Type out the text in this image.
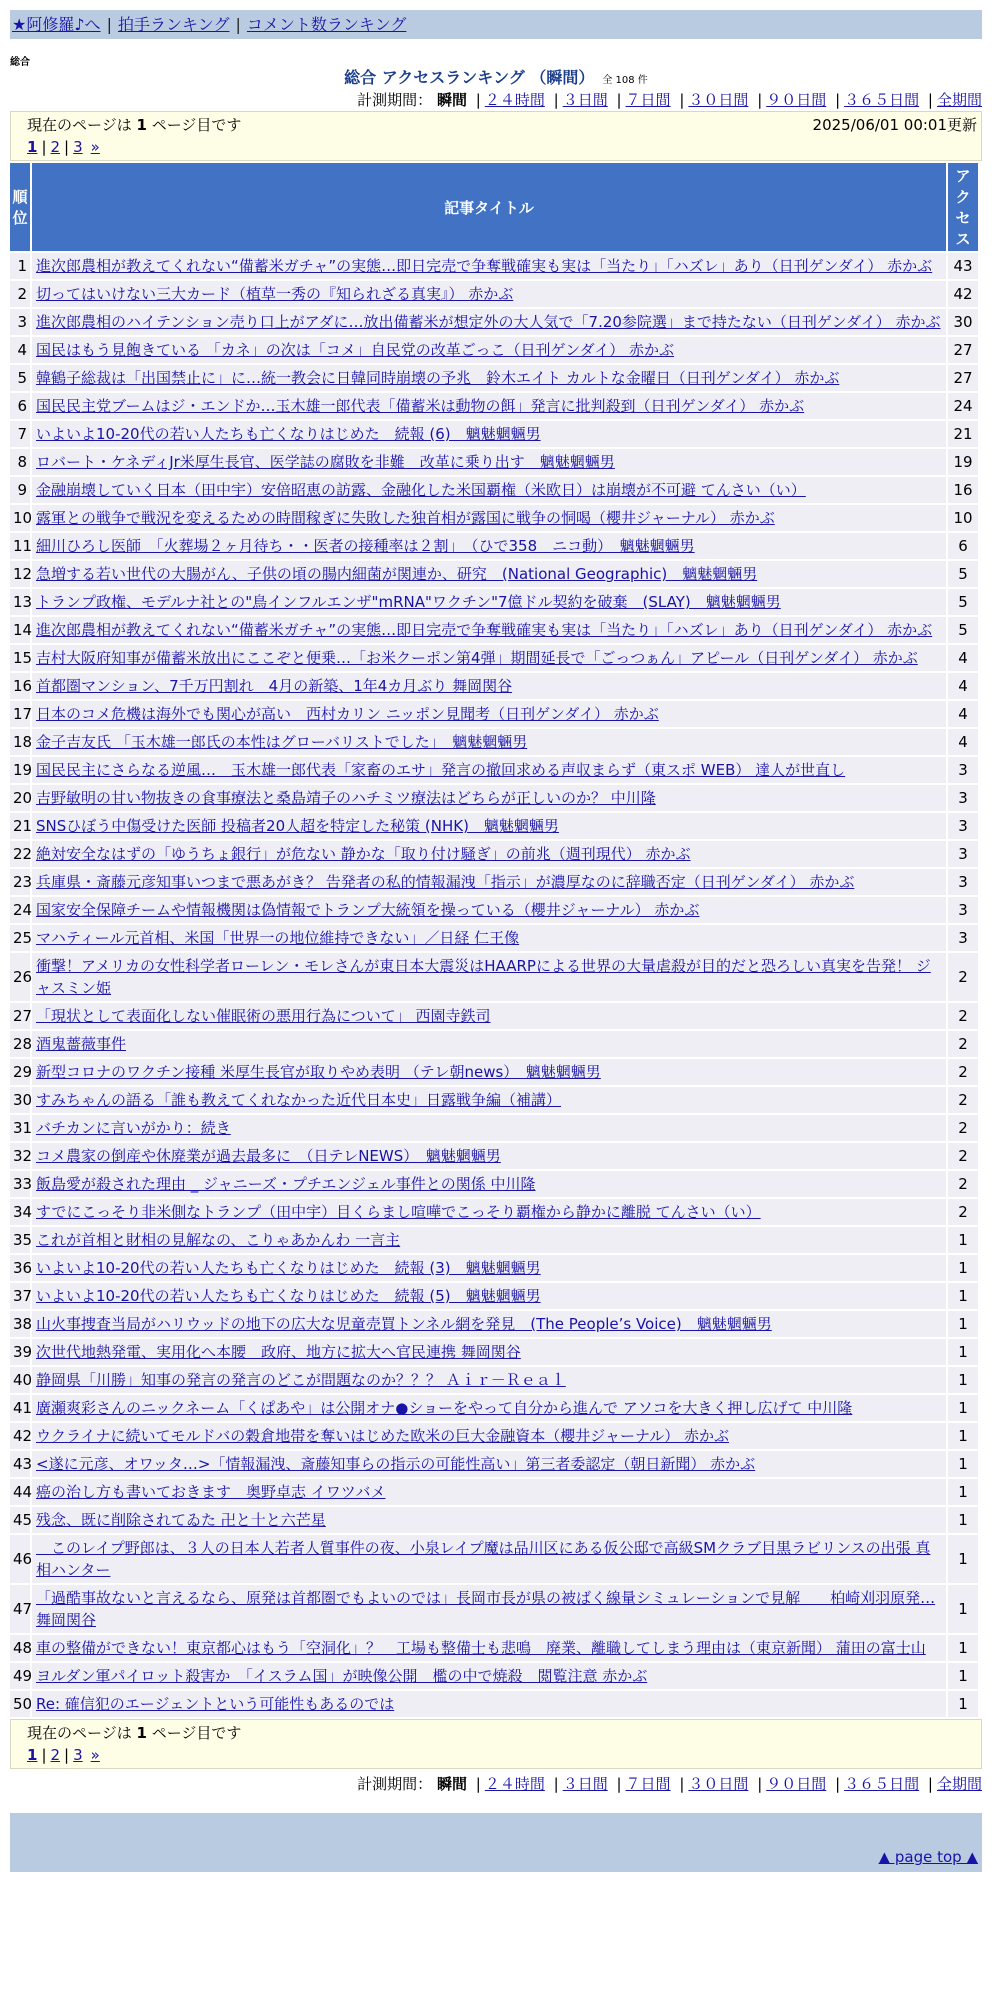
★阿修羅♪へ | 拍手ランキング | コメント数ランキング
総合
総合 アクセスランキング （瞬間） 全 108 件
計測期間： 瞬間 | ２４時間 | ３日間 | ７日間 | ３０日間 | ９０日間 | ３６５日間 | 全期間
現在のページは 1 ページ目です	2025/06/01 00:01更新
1 | 2 | 3 »
順位	記事タイトル	アクセス
1	進次郎農相が教えてくれない“備蓄米ガチャ”の実態…即日完売で争奪戦確実も実は「当たり」「ハズレ」あり（日刊ゲンダイ） 赤かぶ	43
2	切ってはいけない三大カード（植草一秀の『知られざる真実』） 赤かぶ	42
3	進次郎農相のハイテンション売り口上がアダに…放出備蓄米が想定外の大人気で「7.20参院選」まで持たない（日刊ゲンダイ） 赤かぶ	30
4	国民はもう見飽きている 「カネ」の次は「コメ」自民党の改革ごっこ（日刊ゲンダイ） 赤かぶ	27
5	韓鶴子総裁は「出国禁止に」に…統一教会に日韓同時崩壊の予兆　鈴木エイト カルトな金曜日（日刊ゲンダイ） 赤かぶ	27
6	国民民主党ブームはジ・エンドか…玉木雄一郎代表「備蓄米は動物の餌」発言に批判殺到（日刊ゲンダイ） 赤かぶ	24
7	いよいよ10-20代の若い人たちも亡くなりはじめた　続報 (6)　魑魅魍魎男	21
8	ロバート・ケネディJr米厚生長官、医学誌の腐敗を非難　改革に乗り出す　魑魅魍魎男	19
9	金融崩壊していく日本（田中宇）安倍昭恵の訪露、金融化した米国覇権（米欧日）は崩壊が不可避 てんさい（い）	16
10	露軍との戦争で戦況を変えるための時間稼ぎに失敗した独首相が露国に戦争の恫喝（櫻井ジャーナル） 赤かぶ	10
11	細川ひろし医師　「火葬場２ヶ月待ち・・医者の接種率は２割」　（ひで358　ニコ動）　魑魅魍魎男	6
12	急増する若い世代の大腸がん、子供の頃の腸内細菌が関連か、研究　(National Geographic)　魑魅魍魎男	5
13	トランプ政権、モデルナ社との"鳥インフルエンザ"mRNA"ワクチン"7億ドル契約を破棄　(SLAY)　魑魅魍魎男	5
14	進次郎農相が教えてくれない“備蓄米ガチャ”の実態…即日完売で争奪戦確実も実は「当たり」「ハズレ」あり（日刊ゲンダイ） 赤かぶ	5
15	吉村大阪府知事が備蓄米放出にここぞと便乗…「お米クーポン第4弾」期間延長で「ごっつぁん」アピール（日刊ゲンダイ） 赤かぶ	4
16	首都圏マンション、7千万円割れ　4月の新築、1年4カ月ぶり 舞岡関谷	4
17	日本のコメ危機は海外でも関心が高い　西村カリン ニッポン見聞考（日刊ゲンダイ） 赤かぶ	4
18	金子吉友氏 「玉木雄一郎氏の本性はグローバリストでした」　魑魅魍魎男	4
19	国民民主にさらなる逆風…　玉木雄一郎代表「家畜のエサ」発言の撤回求める声収まらず（東スポ WEB） 達人が世直し	3
20	吉野敏明の甘い物抜きの食事療法と桑島靖子のハチミツ療法はどちらが正しいのか？ 中川隆	3
21	SNSひぼう中傷受けた医師 投稿者20人超を特定した秘策 (NHK)　魑魅魍魎男	3
22	絶対安全なはずの「ゆうちょ銀行」が危ない 静かな「取り付け騒ぎ」の前兆（週刊現代） 赤かぶ	3
23	兵庫県・斎藤元彦知事いつまで悪あがき？ 告発者の私的情報漏洩「指示」が濃厚なのに辞職否定（日刊ゲンダイ） 赤かぶ	3
24	国家安全保障チームや情報機関は偽情報でトランプ大統領を操っている（櫻井ジャーナル） 赤かぶ	3
25	マハティール元首相、米国「世界一の地位維持できない」／日経 仁王像	3
26	衝撃！アメリカの女性科学者ローレン・モレさんが東日本大震災はHAARPによる世界の大量虐殺が目的だと恐ろしい真実を告発！ ジャスミン姫	2
27	「現状として表面化しない催眠術の悪用行為について」 西園寺鉄司	2
28	酒鬼薔薇事件	2
29	新型コロナのワクチン接種 米厚生長官が取りやめ表明 （テレ朝news）　魑魅魍魎男	2
30	すみちゃんの語る「誰も教えてくれなかった近代日本史」日露戦争編（補講）	2
31	バチカンに言いがかり：続き	2
32	コメ農家の倒産や休廃業が過去最多に　（日テレNEWS）　魑魅魍魎男	2
33	飯島愛が殺された理由 _ ジャニーズ・プチエンジェル事件との関係 中川隆	2
34	すでにこっそり非米側なトランプ（田中宇）目くらまし喧嘩でこっそり覇権から静かに離脱 てんさい（い）	2
35	これが首相と財相の見解なの、こりゃあかんわ 一言主	1
36	いよいよ10-20代の若い人たちも亡くなりはじめた　続報 (3)　魑魅魍魎男	1
37	いよいよ10-20代の若い人たちも亡くなりはじめた　続報 (5)　魑魅魍魎男	1
38	山火事捜査当局がハリウッドの地下の広大な児童売買トンネル網を発見　(The People’s Voice)　魑魅魍魎男	1
39	次世代地熱発電、実用化へ本腰　政府、地方に拡大へ官民連携 舞岡関谷	1
40	静岡県「川勝」知事の発言の発言のどこが問題なのか？？？ Ａｉｒ－Ｒｅａｌ	1
41	廣瀬爽彩さんのニックネーム「くぱあや」は公開オナ●ショーをやって自分から進んで アソコを大きく押し広げて 中川隆	1
42	ウクライナに続いてモルドバの穀倉地帯を奪いはじめた欧米の巨大金融資本（櫻井ジャーナル） 赤かぶ	1
43	<遂に元彦、オワッタ…>「情報漏洩、斎藤知事らの指示の可能性高い」第三者委認定（朝日新聞） 赤かぶ	1
44	癌の治し方も書いておきます　奥野卓志 イワツバメ	1
45	残念、既に削除されてゐた 卍と十と六芒星	1
46	　このレイプ野郎は、３人の日本人若者人質事件の夜、小泉レイプ魔は品川区にある仮公邸で高級SMクラブ目黒ラビリンスの出張 真相ハンター	1
47	「過酷事故ないと言えるなら、原発は首都圏でもよいのでは」長岡市長が県の被ばく線量シミュレーションで見解　　柏崎刈羽原発… 舞岡関谷	1
48	車の整備ができない！東京都心はもう「空洞化」？　工場も整備士も悲鳴　廃業、離職してしまう理由は（東京新聞） 蒲田の富士山	1
49	ヨルダン軍パイロット殺害か　「イスラム国」が映像公開　檻の中で焼殺　閲覧注意 赤かぶ	1
50	Re: 確信犯のエージェントという可能性もあるのでは	1
現在のページは 1 ページ目です
1 | 2 | 3 »
計測期間： 瞬間 | ２４時間 | ３日間 | ７日間 | ３０日間 | ９０日間 | ３６５日間 | 全期間
▲ page top ▲
